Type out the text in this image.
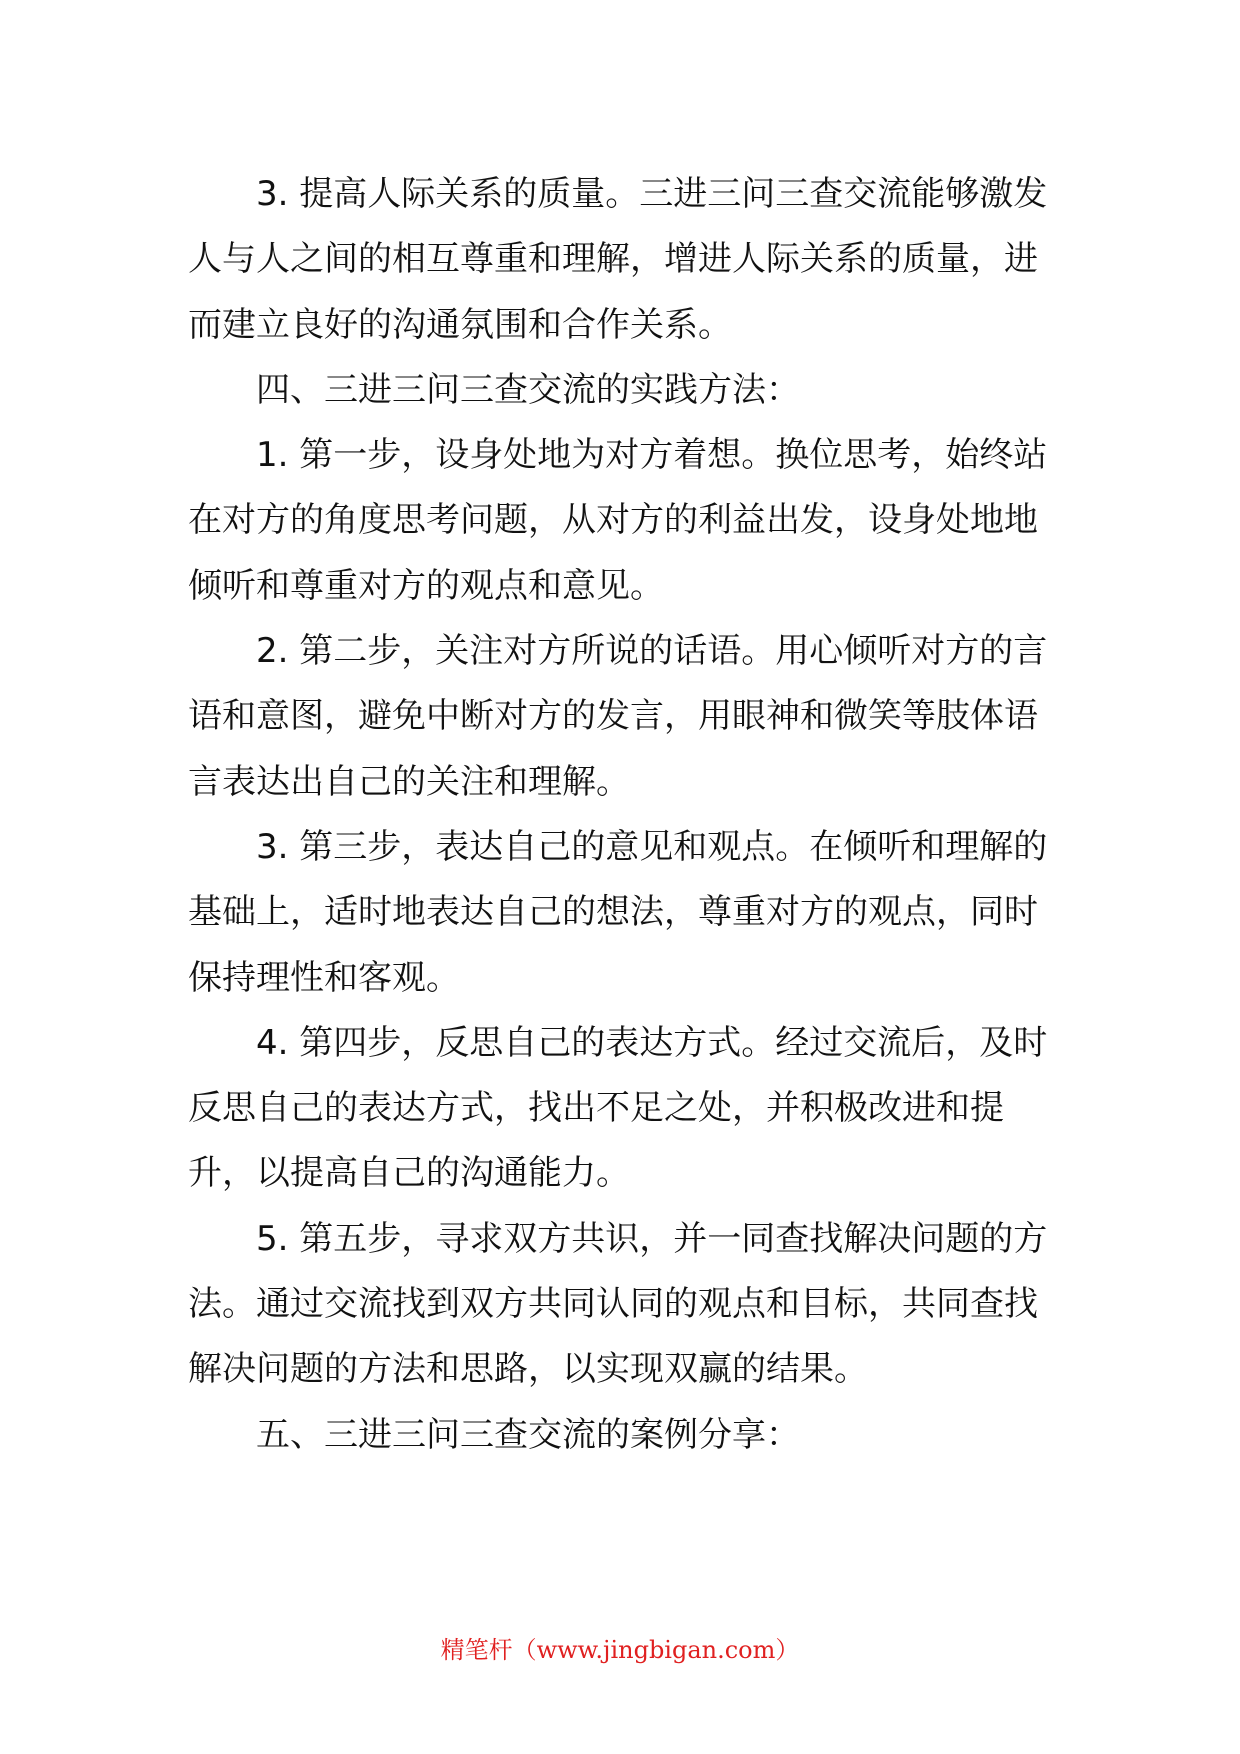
3. 提高人际关系的质量。三进三问三查交流能够激发人与人之间的相互尊重和理解，增进人际关系的质量，进而建立良好的沟通氛围和合作关系。

四、三进三问三查交流的实践方法：

1. 第一步，设身处地为对方着想。换位思考，始终站在对方的角度思考问题，从对方的利益出发，设身处地地倾听和尊重对方的观点和意见。

2. 第二步，关注对方所说的话语。用心倾听对方的言语和意图，避免中断对方的发言，用眼神和微笑等肢体语言表达出自己的关注和理解。

3. 第三步，表达自己的意见和观点。在倾听和理解的基础上，适时地表达自己的想法，尊重对方的观点，同时保持理性和客观。

4. 第四步，反思自己的表达方式。经过交流后，及时反思自己的表达方式，找出不足之处，并积极改进和提升，以提高自己的沟通能力。

5. 第五步，寻求双方共识，并一同查找解决问题的方法。通过交流找到双方共同认同的观点和目标，共同查找解决问题的方法和思路，以实现双赢的结果。

五、三进三问三查交流的案例分享：

精笔杆（www.jingbigan.com）
